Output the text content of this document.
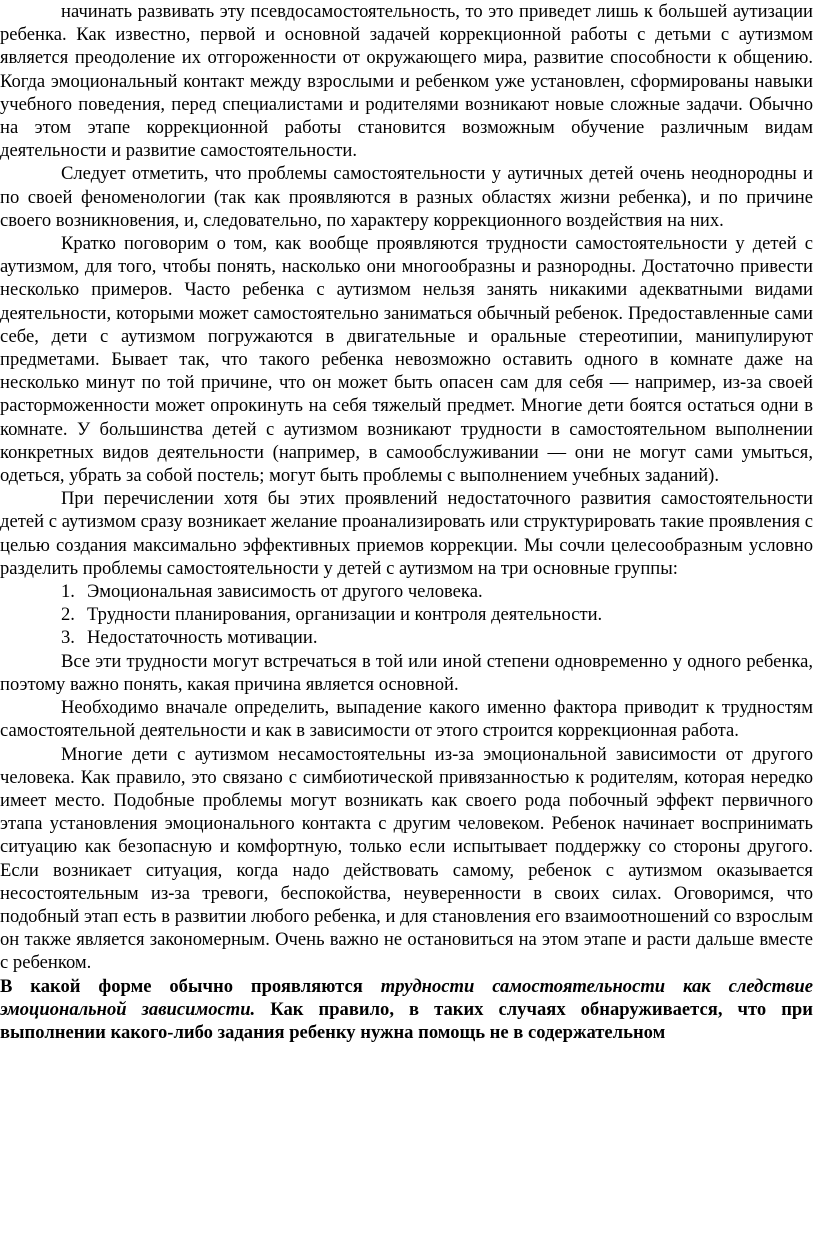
начинать развивать эту псевдосамостоятельность, то это приведет лишь к большей аутизации ребенка. Как известно, первой и основной задачей коррекционной работы с детьми с аутизмом является преодоление их отгороженности от окружающего мира, развитие способности к общению. Когда эмоциональный контакт между взрослыми и ребенком уже установлен, сформированы навыки учебного поведения, перед специалистами и родителями возникают новые сложные задачи. Обычно на этом этапе коррекционной работы становится возможным обучение различным видам деятельности и развитие самостоятельности.

Следует отметить, что проблемы самостоятельности у аутичных детей очень неоднородны и по своей феноменологии (так как проявляются в разных областях жизни ребенка), и по причине своего возникновения, и, следовательно, по характеру коррекционного воздействия на них.

Кратко поговорим о том, как вообще проявляются трудности самостоятельности у детей с аутизмом, для того, чтобы понять, насколько они многообразны и разнородны. Достаточно привести несколько примеров. Часто ребенка с аутизмом нельзя занять никакими адекватными видами деятельности, которыми может самостоятельно заниматься обычный ребенок. Предоставленные сами себе, дети с аутизмом погружаются в двигательные и оральные стереотипии, манипулируют предметами. Бывает так, что такого ребенка невозможно оставить одного в комнате даже на несколько минут по той причине, что он может быть опасен сам для себя — например, из-за своей расторможенности может опрокинуть на себя тяжелый предмет. Многие дети боятся остаться одни в комнате. У большинства детей с аутизмом возникают трудности в самостоятельном выполнении конкретных видов деятельности (например, в самообслуживании — они не могут сами умыться, одеться, убрать за собой постель; могут быть проблемы с выполнением учебных заданий).

При перечислении хотя бы этих проявлений недостаточного развития самостоятельности детей с аутизмом сразу возникает желание проанализировать или структурировать такие проявления с целью создания максимально эффективных приемов коррекции. Мы сочли целесообразным условно разделить проблемы самостоятельности у детей с аутизмом на три основные группы:

1. Эмоциональная зависимость от другого человека.
2. Трудности планирования, организации и контроля деятельности.
3. Недостаточность мотивации.

Все эти трудности могут встречаться в той или иной степени одновременно у одного ребенка, поэтому важно понять, какая причина является основной.

Необходимо вначале определить, выпадение какого именно фактора приводит к трудностям самостоятельной деятельности и как в зависимости от этого строится коррекционная работа.

Многие дети с аутизмом несамостоятельны из-за эмоциональной зависимости от другого человека. Как правило, это связано с симбиотической привязанностью к родителям, которая нередко имеет место. Подобные проблемы могут возникать как своего рода побочный эффект первичного этапа установления эмоционального контакта с другим человеком. Ребенок начинает воспринимать ситуацию как безопасную и комфортную, только если испытывает поддержку со стороны другого. Если возникает ситуация, когда надо действовать самому, ребенок с аутизмом оказывается несостоятельным из-за тревоги, беспокойства, неуверенности в своих силах. Оговоримся, что подобный этап есть в развитии любого ребенка, и для становления его взаимоотношений со взрослым он также является закономерным. Очень важно не остановиться на этом этапе и расти дальше вместе с ребенком.

В какой форме обычно проявляются трудности самостоятельности как следствие эмоциональной зависимости. Как правило, в таких случаях обнаруживается, что при выполнении какого-либо задания ребенку нужна помощь не в содержательном
